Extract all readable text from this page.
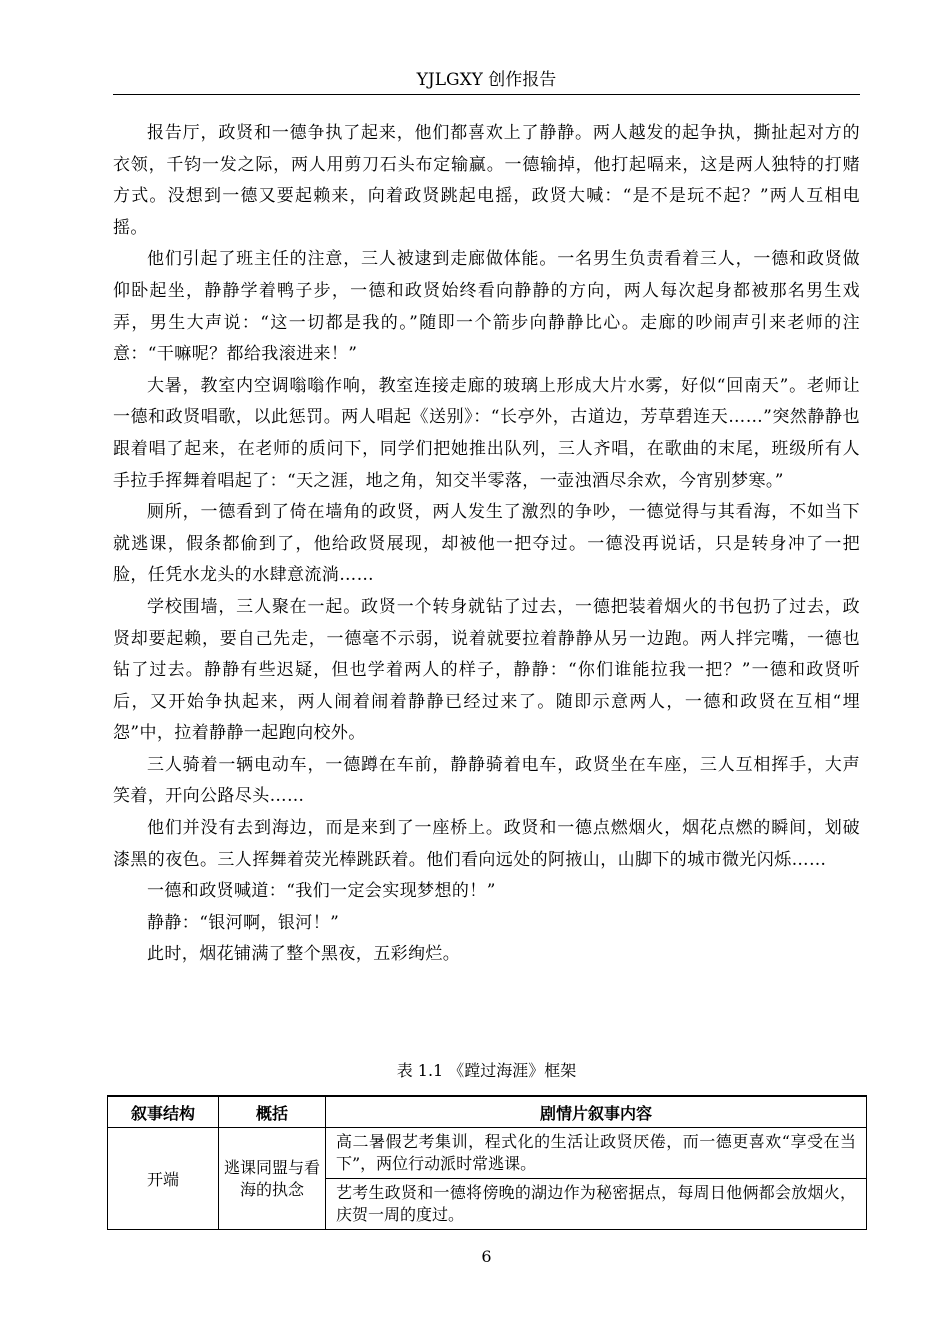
YJLGXY 创作报告

报告厅，政贤和一德争执了起来，他们都喜欢上了静静。两人越发的起争执，撕扯起对方的衣领，千钧一发之际，两人用剪刀石头布定输赢。一德输掉，他打起嗝来，这是两人独特的打赌方式。没想到一德又要起赖来，向着政贤跳起电摇，政贤大喊：“是不是玩不起？”两人互相电摇。

他们引起了班主任的注意，三人被逮到走廊做体能。一名男生负责看着三人，一德和政贤做仰卧起坐，静静学着鸭子步，一德和政贤始终看向静静的方向，两人每次起身都被那名男生戏弄，男生大声说：“这一切都是我的。”随即一个箭步向静静比心。走廊的吵闹声引来老师的注意：“干嘛呢？都给我滚进来！”

大暑，教室内空调嗡嗡作响，教室连接走廊的玻璃上形成大片水雾，好似“回南天”。老师让一德和政贤唱歌，以此惩罚。两人唱起《送别》：“长亭外，古道边，芳草碧连天……”突然静静也跟着唱了起来，在老师的质问下，同学们把她推出队列，三人齐唱，在歌曲的末尾，班级所有人手拉手挥舞着唱起了：“天之涯，地之角，知交半零落，一壶浊酒尽余欢，今宵别梦寒。”

厕所，一德看到了倚在墙角的政贤，两人发生了激烈的争吵，一德觉得与其看海，不如当下就逃课，假条都偷到了，他给政贤展现，却被他一把夺过。一德没再说话，只是转身冲了一把脸，任凭水龙头的水肆意流淌……

学校围墙，三人聚在一起。政贤一个转身就钻了过去，一德把装着烟火的书包扔了过去，政贤却要起赖，要自己先走，一德毫不示弱，说着就要拉着静静从另一边跑。两人拌完嘴，一德也钻了过去。静静有些迟疑，但也学着两人的样子，静静：“你们谁能拉我一把？”一德和政贤听后，又开始争执起来，两人闹着闹着静静已经过来了。随即示意两人，一德和政贤在互相“埋怨”中，拉着静静一起跑向校外。

三人骑着一辆电动车，一德蹲在车前，静静骑着电车，政贤坐在车座，三人互相挥手，大声笑着，开向公路尽头……

他们并没有去到海边，而是来到了一座桥上。政贤和一德点燃烟火，烟花点燃的瞬间，划破漆黑的夜色。三人挥舞着荧光棒跳跃着。他们看向远处的阿掖山，山脚下的城市微光闪烁……

一德和政贤喊道：“我们一定会实现梦想的！”

静静：“银河啊，银河！”

此时，烟花铺满了整个黑夜，五彩绚烂。

表 1.1 《蹚过海涯》框架
叙事结构	概括	剧情片叙事内容
开端	逃课同盟与看海的执念	高二暑假艺考集训，程式化的生活让政贤厌倦，而一德更喜欢“享受在当下”，两位行动派时常逃课。
		艺考生政贤和一德将傍晚的湖边作为秘密据点，每周日他俩都会放烟火，庆贺一周的度过。
6
